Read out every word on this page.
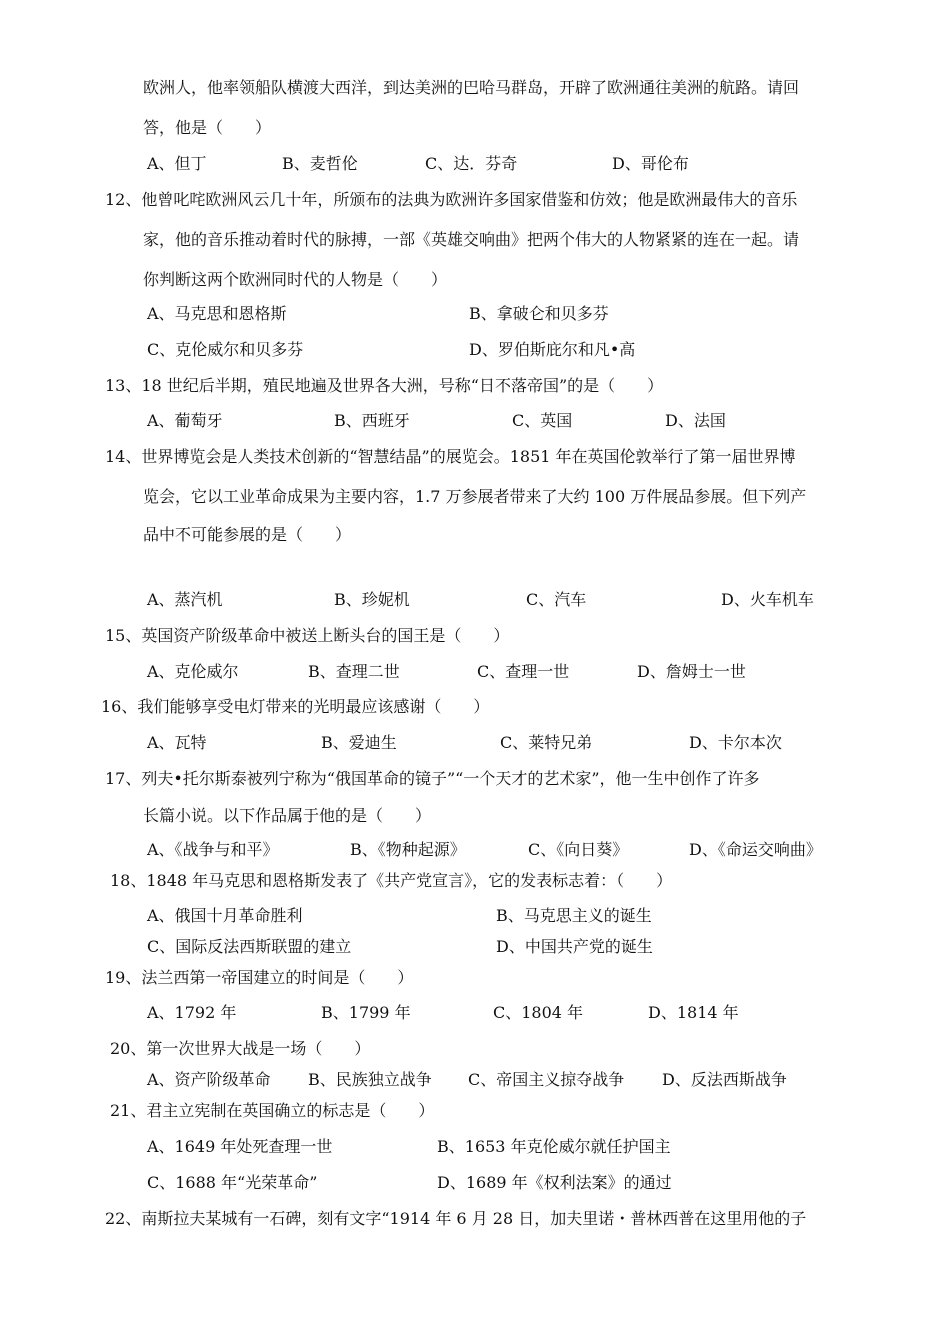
欧洲人，他率领船队横渡大西洋，到达美洲的巴哈马群岛，开辟了欧洲通往美洲的航路。请回
答，他是（　　）
A、但丁	B、麦哲伦	C、达．芬奇	D、哥伦布
12、他曾叱咤欧洲风云几十年，所颁布的法典为欧洲许多国家借鉴和仿效；他是欧洲最伟大的音乐
家，他的音乐推动着时代的脉搏，一部《英雄交响曲》把两个伟大的人物紧紧的连在一起。请
你判断这两个欧洲同时代的人物是（　　）
A、马克思和恩格斯	B、拿破仑和贝多芬
C、克伦威尔和贝多芬	D、罗伯斯庇尔和凡•高
13、18 世纪后半期，殖民地遍及世界各大洲，号称“日不落帝国”的是（　　）
A、葡萄牙	B、西班牙	C、英国	D、法国
14、世界博览会是人类技术创新的“智慧结晶”的展览会。1851 年在英国伦敦举行了第一届世界博
览会，它以工业革命成果为主要内容，1.7 万参展者带来了大约 100 万件展品参展。但下列产
品中不可能参展的是（　　）
A、蒸汽机	B、珍妮机	C、汽车	D、火车机车
15、英国资产阶级革命中被送上断头台的国王是（　　）
A、克伦威尔	B、查理二世	C、查理一世	D、詹姆士一世
16、我们能够享受电灯带来的光明最应该感谢（　　）
A、瓦特	B、爱迪生	C、莱特兄弟	D、卡尔本次
17、列夫•托尔斯泰被列宁称为“俄国革命的镜子”“一个天才的艺术家”，他一生中创作了许多
长篇小说。以下作品属于他的是（　　）
A、《战争与和平》	B、《物种起源》	C、《向日葵》	D、《命运交响曲》
18、1848 年马克思和恩格斯发表了《共产党宣言》，它的发表标志着：（　　）
A、俄国十月革命胜利	B、马克思主义的诞生
C、国际反法西斯联盟的建立	D、中国共产党的诞生
19、法兰西第一帝国建立的时间是（　　）
A、1792 年	B、1799 年	C、1804 年	D、1814 年
20、第一次世界大战是一场（　　）
A、资产阶级革命 B、民族独立战争 C、帝国主义掠夺战争 D、反法西斯战争
21、君主立宪制在英国确立的标志是（　　）
A、1649 年处死查理一世	B、1653 年克伦威尔就任护国主
C、1688 年“光荣革命”	D、1689 年《权利法案》的通过
22、南斯拉夫某城有一石碑，刻有文字“1914 年 6 月 28 日，加夫里诺・普林西普在这里用他的子
